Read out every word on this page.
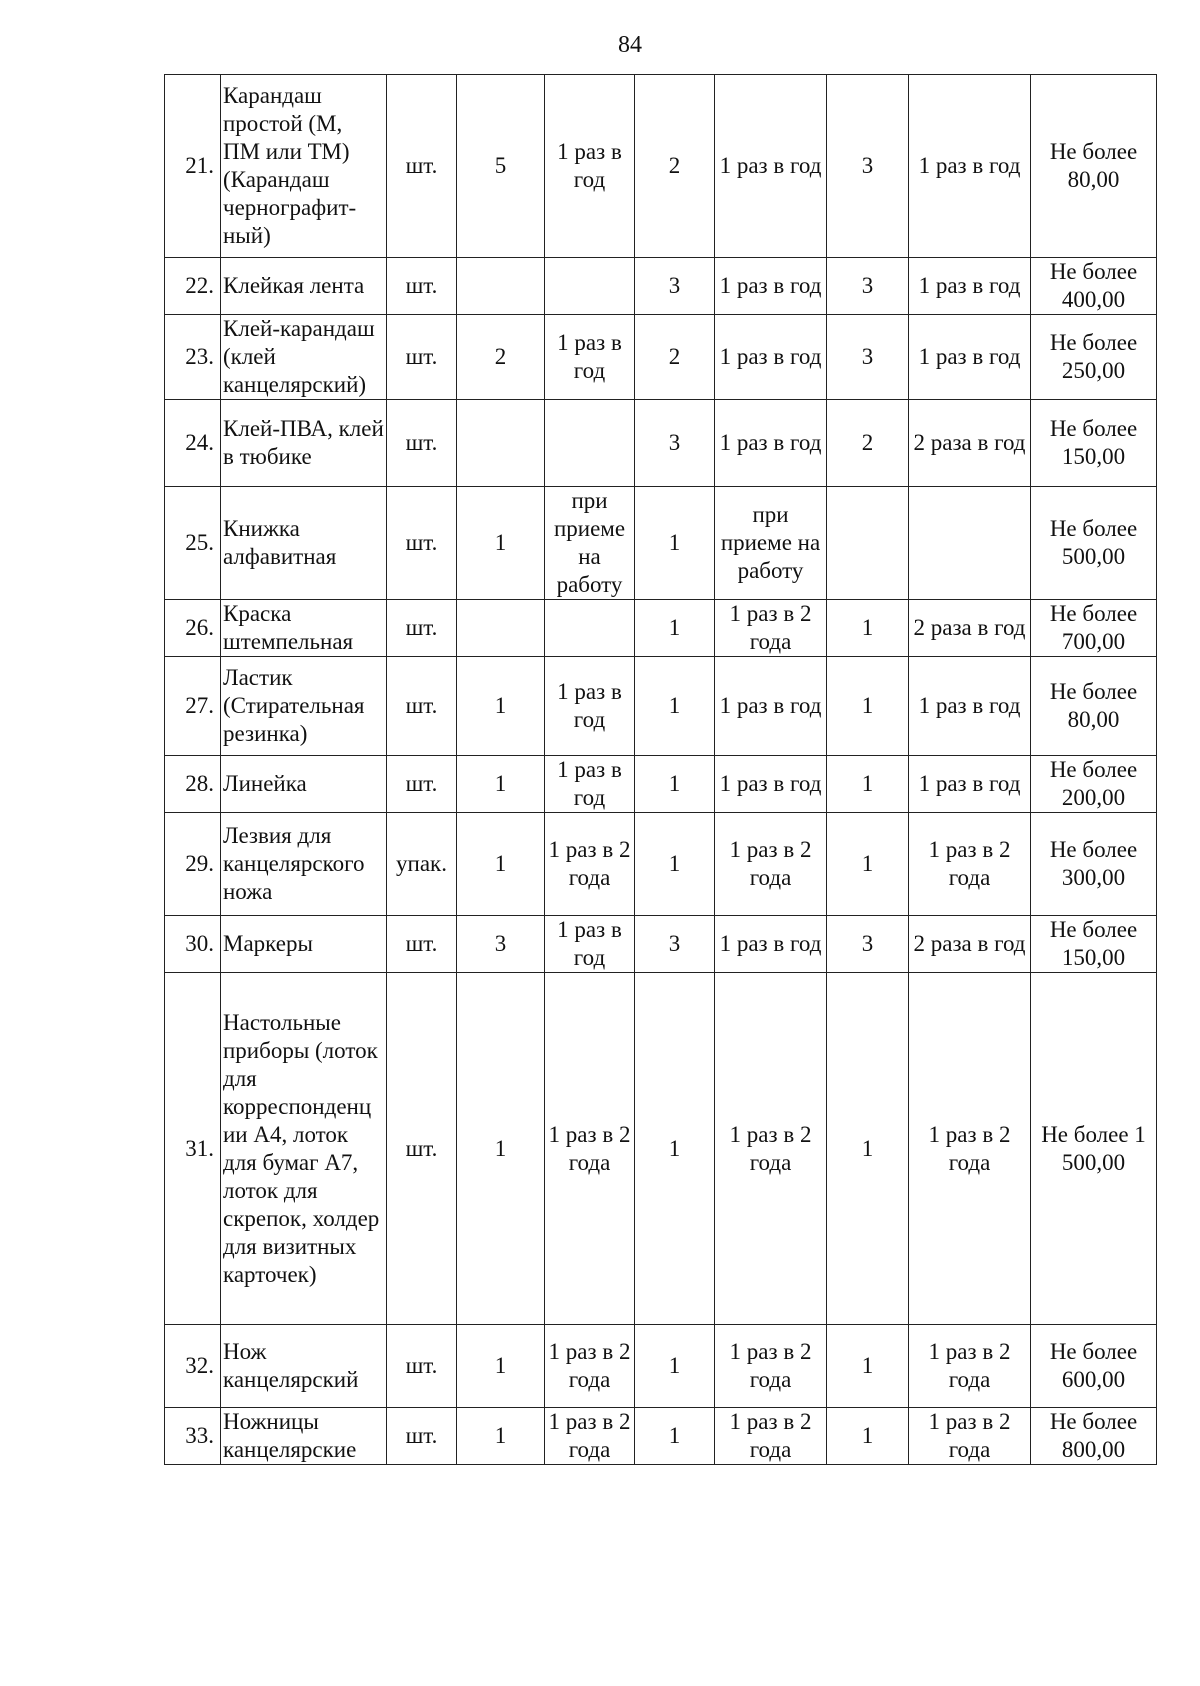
84
21.	Карандаш простой (М, ПМ или ТМ) (Карандаш чернографит-ный)	шт.	5	1 раз в год	2	1 раз в год	3	1 раз в год	Не более 80,00
22.	Клейкая лента	шт.			3	1 раз в год	3	1 раз в год	Не более 400,00
23.	Клей-карандаш (клей канцелярский)	шт.	2	1 раз в год	2	1 раз в год	3	1 раз в год	Не более 250,00
24.	Клей-ПВА, клей в тюбике	шт.			3	1 раз в год	2	2 раза в год	Не более 150,00
25.	Книжка алфавитная	шт.	1	при приеме на работу	1	при приеме на работу			Не более 500,00
26.	Краска штемпельная	шт.			1	1 раз в 2 года	1	2 раза в год	Не более 700,00
27.	Ластик (Стирательная резинка)	шт.	1	1 раз в год	1	1 раз в год	1	1 раз в год	Не более 80,00
28.	Линейка	шт.	1	1 раз в год	1	1 раз в год	1	1 раз в год	Не более 200,00
29.	Лезвия для канцелярского ножа	упак.	1	1 раз в 2 года	1	1 раз в 2 года	1	1 раз в 2 года	Не более 300,00
30.	Маркеры	шт.	3	1 раз в год	3	1 раз в год	3	2 раза в год	Не более 150,00
31.	Настольные приборы (лоток для корреспонденц ии А4, лоток для бумаг А7, лоток для скрепок, холдер для визитных карточек)	шт.	1	1 раз в 2 года	1	1 раз в 2 года	1	1 раз в 2 года	Не более 1 500,00
32.	Нож канцелярский	шт.	1	1 раз в 2 года	1	1 раз в 2 года	1	1 раз в 2 года	Не более 600,00
33.	Ножницы канцелярские	шт.	1	1 раз в 2 года	1	1 раз в 2 года	1	1 раз в 2 года	Не более 800,00
